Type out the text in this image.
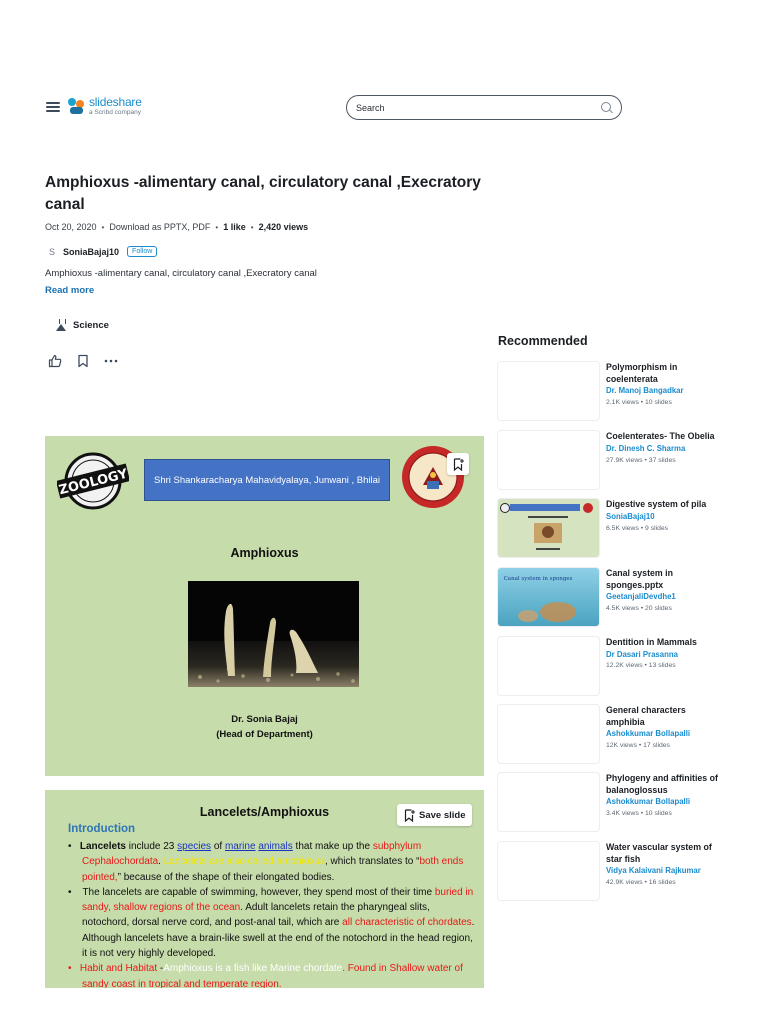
slideshare
a Scribd company
Search
Amphioxus -alimentary canal, circulatory canal ,Execratory canal
Oct 20, 2020 • Download as PPTX, PDF • 1 like • 2,420 views
S SoniaBajaj10	Follow
Amphioxus -alimentary canal, circulatory canal ,Execratory canal
Read more
Science
ZOOLOGY	Shri Shankaracharya Mahavidyalaya, Junwani , Bhilai
Amphioxus
Dr. Sonia Bajaj
(Head of Department)
Lancelets/Amphioxus	Save slide
Introduction
•   Lancelets include 23 species of marine animals that make up the subphylum Cephalochordata. Lancelets are also called amphioxus, which translates to “both ends pointed,” because of the shape of their elongated bodies.
•    The lancelets are capable of swimming, however, they spend most of their time buried in sandy, shallow regions of the ocean. Adult lancelets retain the pharyngeal slits, notochord, dorsal nerve cord, and post-anal tail, which are all characteristic of chordates. Although lancelets have a brain-like swell at the end of the notochord in the head region, it is not very highly developed.
• Habit and Habitat -Amphioxus is a fish like Marine chordate. Found in Shallow water of sandy coast in tropical and temperate region.
Recommended
Polymorphism in coelenterata
Dr. Manoj Bangadkar
2.1K views • 10 slides
Coelenterates- The Obelia
Dr. Dinesh C. Sharma
27.9K views • 37 slides
Digestive system of pila
SoniaBajaj10
6.5K views • 9 slides
Canal system in sponges
Canal system in sponges.pptx
GeetanjaliDevdhe1
4.5K views • 20 slides
Dentition in Mammals
Dr Dasari Prasanna
12.2K views • 13 slides
General characters amphibia
Ashokkumar Bollapalli
12K views • 17 slides
Phylogeny and affinities of balanoglossus
Ashokkumar Bollapalli
3.4K views • 10 slides
Water vascular system of star fish
Vidya Kalaivani Rajkumar
42.9K views • 16 slides
